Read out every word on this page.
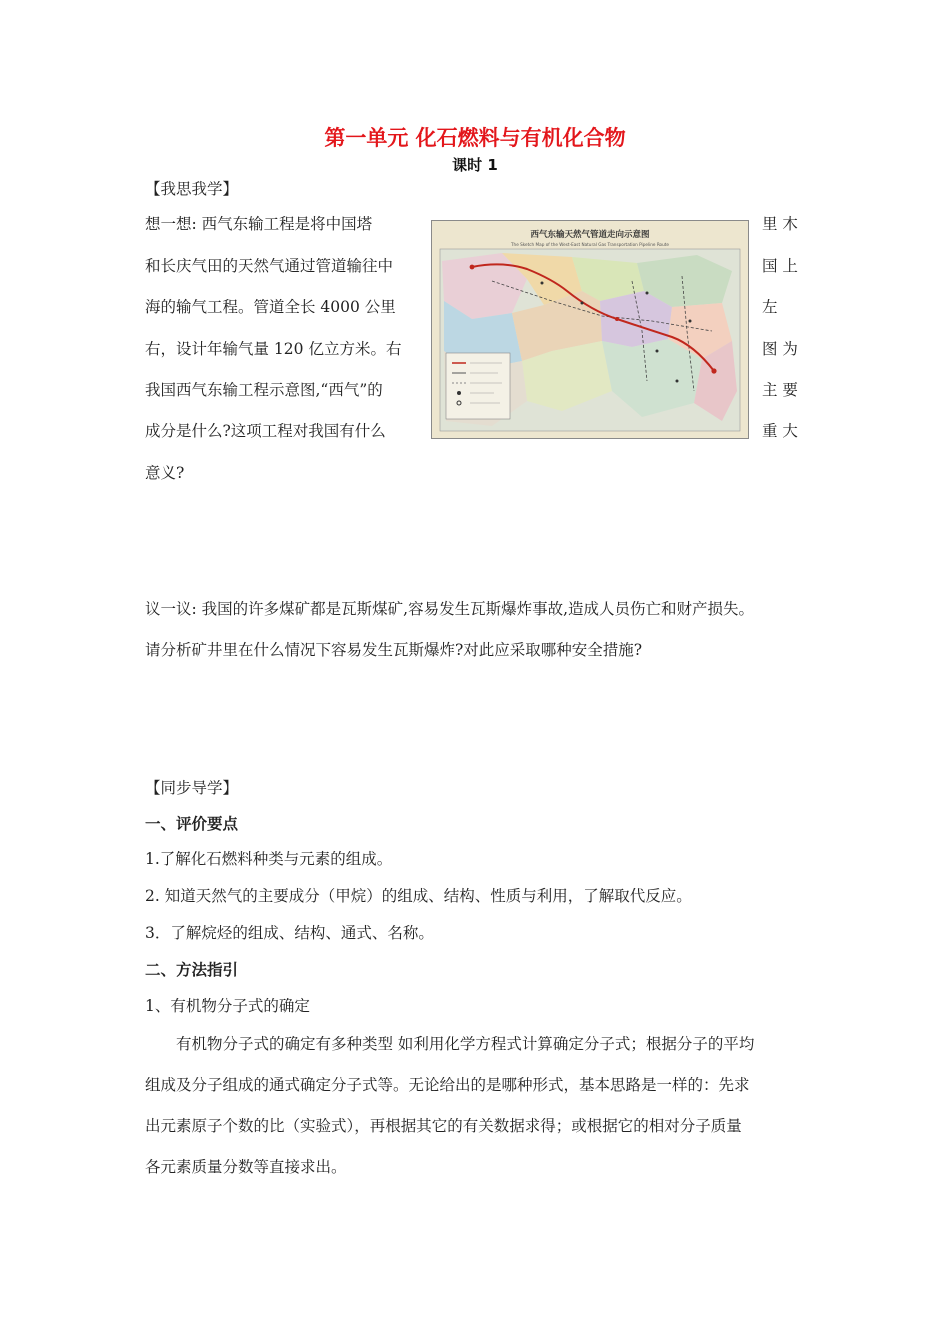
第一单元 化石燃料与有机化合物
课时 1
【我思我学】
想一想: 西气东输工程是将中国塔
和长庆气田的天然气通过管道输往中
海的输气工程。管道全长 4000 公里
右，设计年输气量 120 亿立方米。右
我国西气东输工程示意图,“西气”的
成分是什么?这项工程对我国有什么
意义?
里 木
国 上
左
图 为
主 要
重 大
西气东输天然气管道走向示意图
The Sketch Map of the West-East Natural Gas Transportation Pipeline Route
议一议: 我国的许多煤矿都是瓦斯煤矿,容易发生瓦斯爆炸事故,造成人员伤亡和财产损失。
请分析矿井里在什么情况下容易发生瓦斯爆炸?对此应采取哪种安全措施?
【同步导学】
一、评价要点
1.了解化石燃料种类与元素的组成。
2. 知道天然气的主要成分（甲烷）的组成、结构、性质与利用，了解取代反应。
3．了解烷烃的组成、结构、通式、名称。
二、方法指引
1、有机物分子式的确定
有机物分子式的确定有多种类型 如利用化学方程式计算确定分子式；根据分子的平均
组成及分子组成的通式确定分子式等。无论给出的是哪种形式，基本思路是一样的：先求
出元素原子个数的比（实验式），再根据其它的有关数据求得；或根据它的相对分子质量
各元素质量分数等直接求出。
